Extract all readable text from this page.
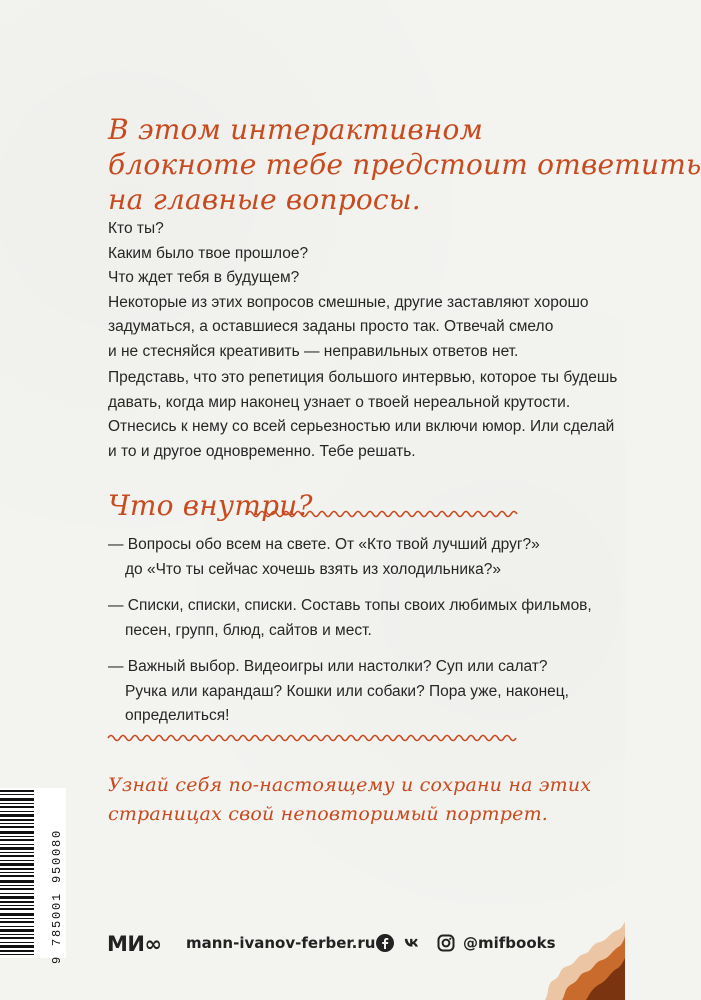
В этом интерактивном
блокноте тебе предстоит ответить
на главные вопросы.
Кто ты?
Каким было твое прошлое?
Что ждет тебя в будущем?
Некоторые из этих вопросов смешные, другие заставляют хорошо
задуматься, а оставшиеся заданы просто так. Отвечай смело
и не стесняйся креативить — неправильных ответов нет.
Представь, что это репетиция большого интервью, которое ты будешь
давать, когда мир наконец узнает о твоей нереальной крутости.
Отнесись к нему со всей серьезностью или включи юмор. Или сделай
и то и другое одновременно. Тебе решать.
Что внутри?
— Вопросы обо всем на свете. От «Кто твой лучший друг?»
до «Что ты сейчас хочешь взять из холодильника?»
— Списки, списки, списки. Составь топы своих любимых фильмов,
песен, групп, блюд, сайтов и мест.
— Важный выбор. Видеоигры или настолки? Суп или салат?
Ручка или карандаш? Кошки или собаки? Пора уже, наконец,
определиться!
Узнай себя по-настоящему и сохрани на этих
страницах свой неповторимый портрет.
9 785001 950080 МИ∞ mann-ivanov-ferber.ru	@mifbooks
